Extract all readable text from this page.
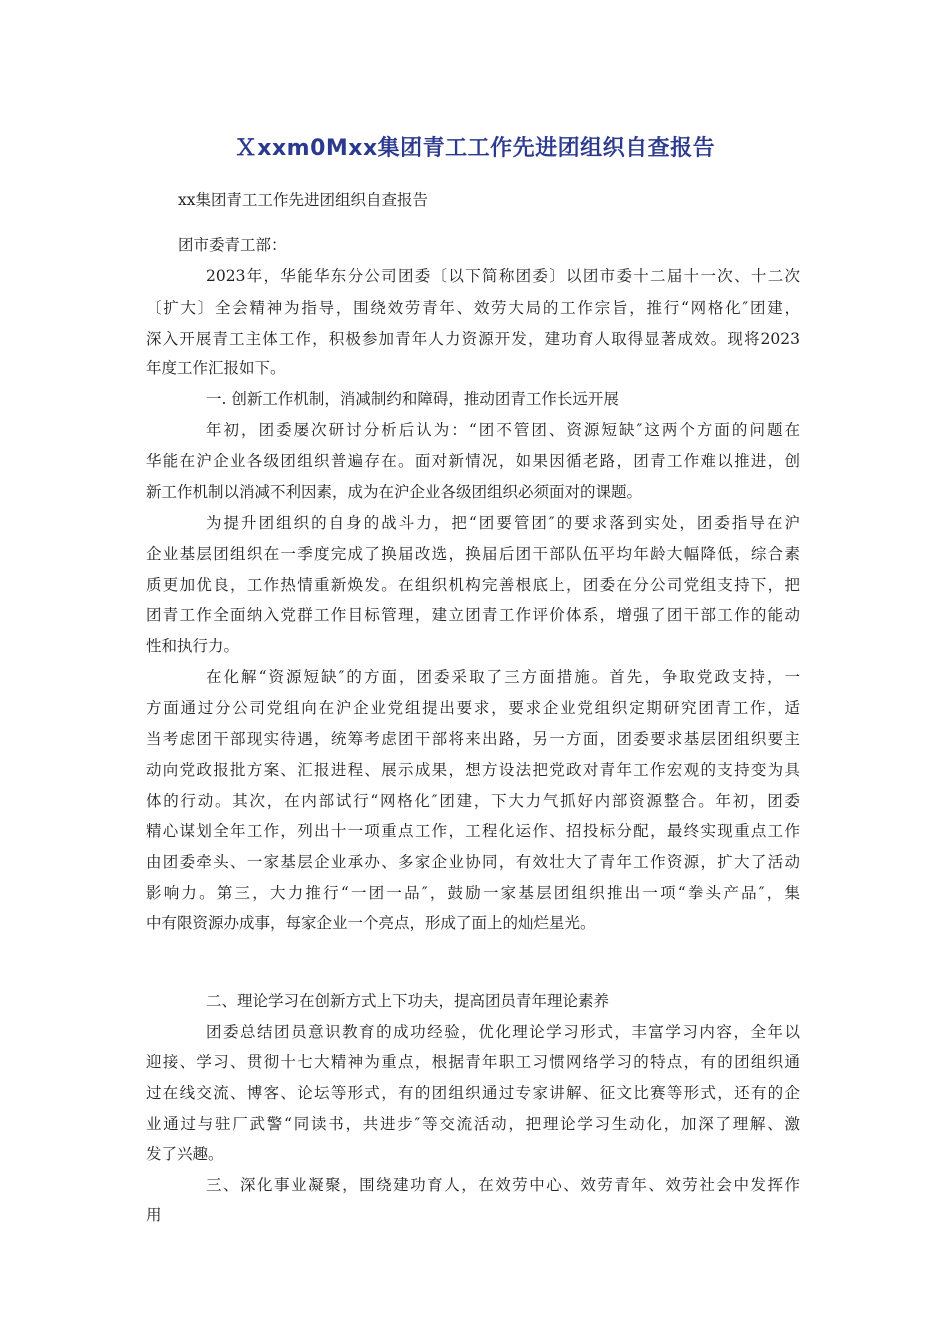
Ｘxxm0Mxx集团青工工作先进团组织自查报告
xx集团青工工作先进团组织自查报告
团市委青工部：
2023年，华能华东分公司团委〔以下简称团委〕以团市委十二届十一次、十二次
〔扩大〕全会精神为指导，围绕效劳青年、效劳大局的工作宗旨，推行“网格化″团建，
深入开展青工主体工作，积极参加青年人力资源开发，建功育人取得显著成效。现将2023
年度工作汇报如下。
一. 创新工作机制，消减制约和障碍，推动团青工作长远开展
年初，团委屡次研讨分析后认为：“团不管团、资源短缺″这两个方面的问题在
华能在沪企业各级团组织普遍存在。面对新情况，如果因循老路，团青工作难以推进，创
新工作机制以消减不利因素，成为在沪企业各级团组织必须面对的课题。
为提升团组织的自身的战斗力，把“团要管团″的要求落到实处，团委指导在沪
企业基层团组织在一季度完成了换届改选，换届后团干部队伍平均年龄大幅降低，综合素
质更加优良，工作热情重新焕发。在组织机构完善根底上，团委在分公司党组支持下，把
团青工作全面纳入党群工作目标管理，建立团青工作评价体系，增强了团干部工作的能动
性和执行力。
在化解“资源短缺″的方面，团委采取了三方面措施。首先，争取党政支持，一
方面通过分公司党组向在沪企业党组提出要求，要求企业党组织定期研究团青工作，适
当考虑团干部现实待遇，统筹考虑团干部将来出路，另一方面，团委要求基层团组织要主
动向党政报批方案、汇报进程、展示成果，想方设法把党政对青年工作宏观的支持变为具
体的行动。其次，在内部试行“网格化″团建，下大力气抓好内部资源整合。年初，团委
精心谋划全年工作，列出十一项重点工作，工程化运作、招投标分配，最终实现重点工作
由团委牵头、一家基层企业承办、多家企业协同，有效壮大了青年工作资源，扩大了活动
影响力。第三，大力推行“一团一品″，鼓励一家基层团组织推出一项“拳头产品″，集
中有限资源办成事，每家企业一个亮点，形成了面上的灿烂星光。
二、理论学习在创新方式上下功夫，提高团员青年理论素养
团委总结团员意识教育的成功经验，优化理论学习形式，丰富学习内容，全年以
迎接、学习、贯彻十七大精神为重点，根据青年职工习惯网络学习的特点，有的团组织通
过在线交流、博客、论坛等形式，有的团组织通过专家讲解、征文比赛等形式，还有的企
业通过与驻厂武警“同读书，共进步″等交流活动，把理论学习生动化，加深了理解、激
发了兴趣。
三、深化事业凝聚，围绕建功育人，在效劳中心、效劳青年、效劳社会中发挥作
用
